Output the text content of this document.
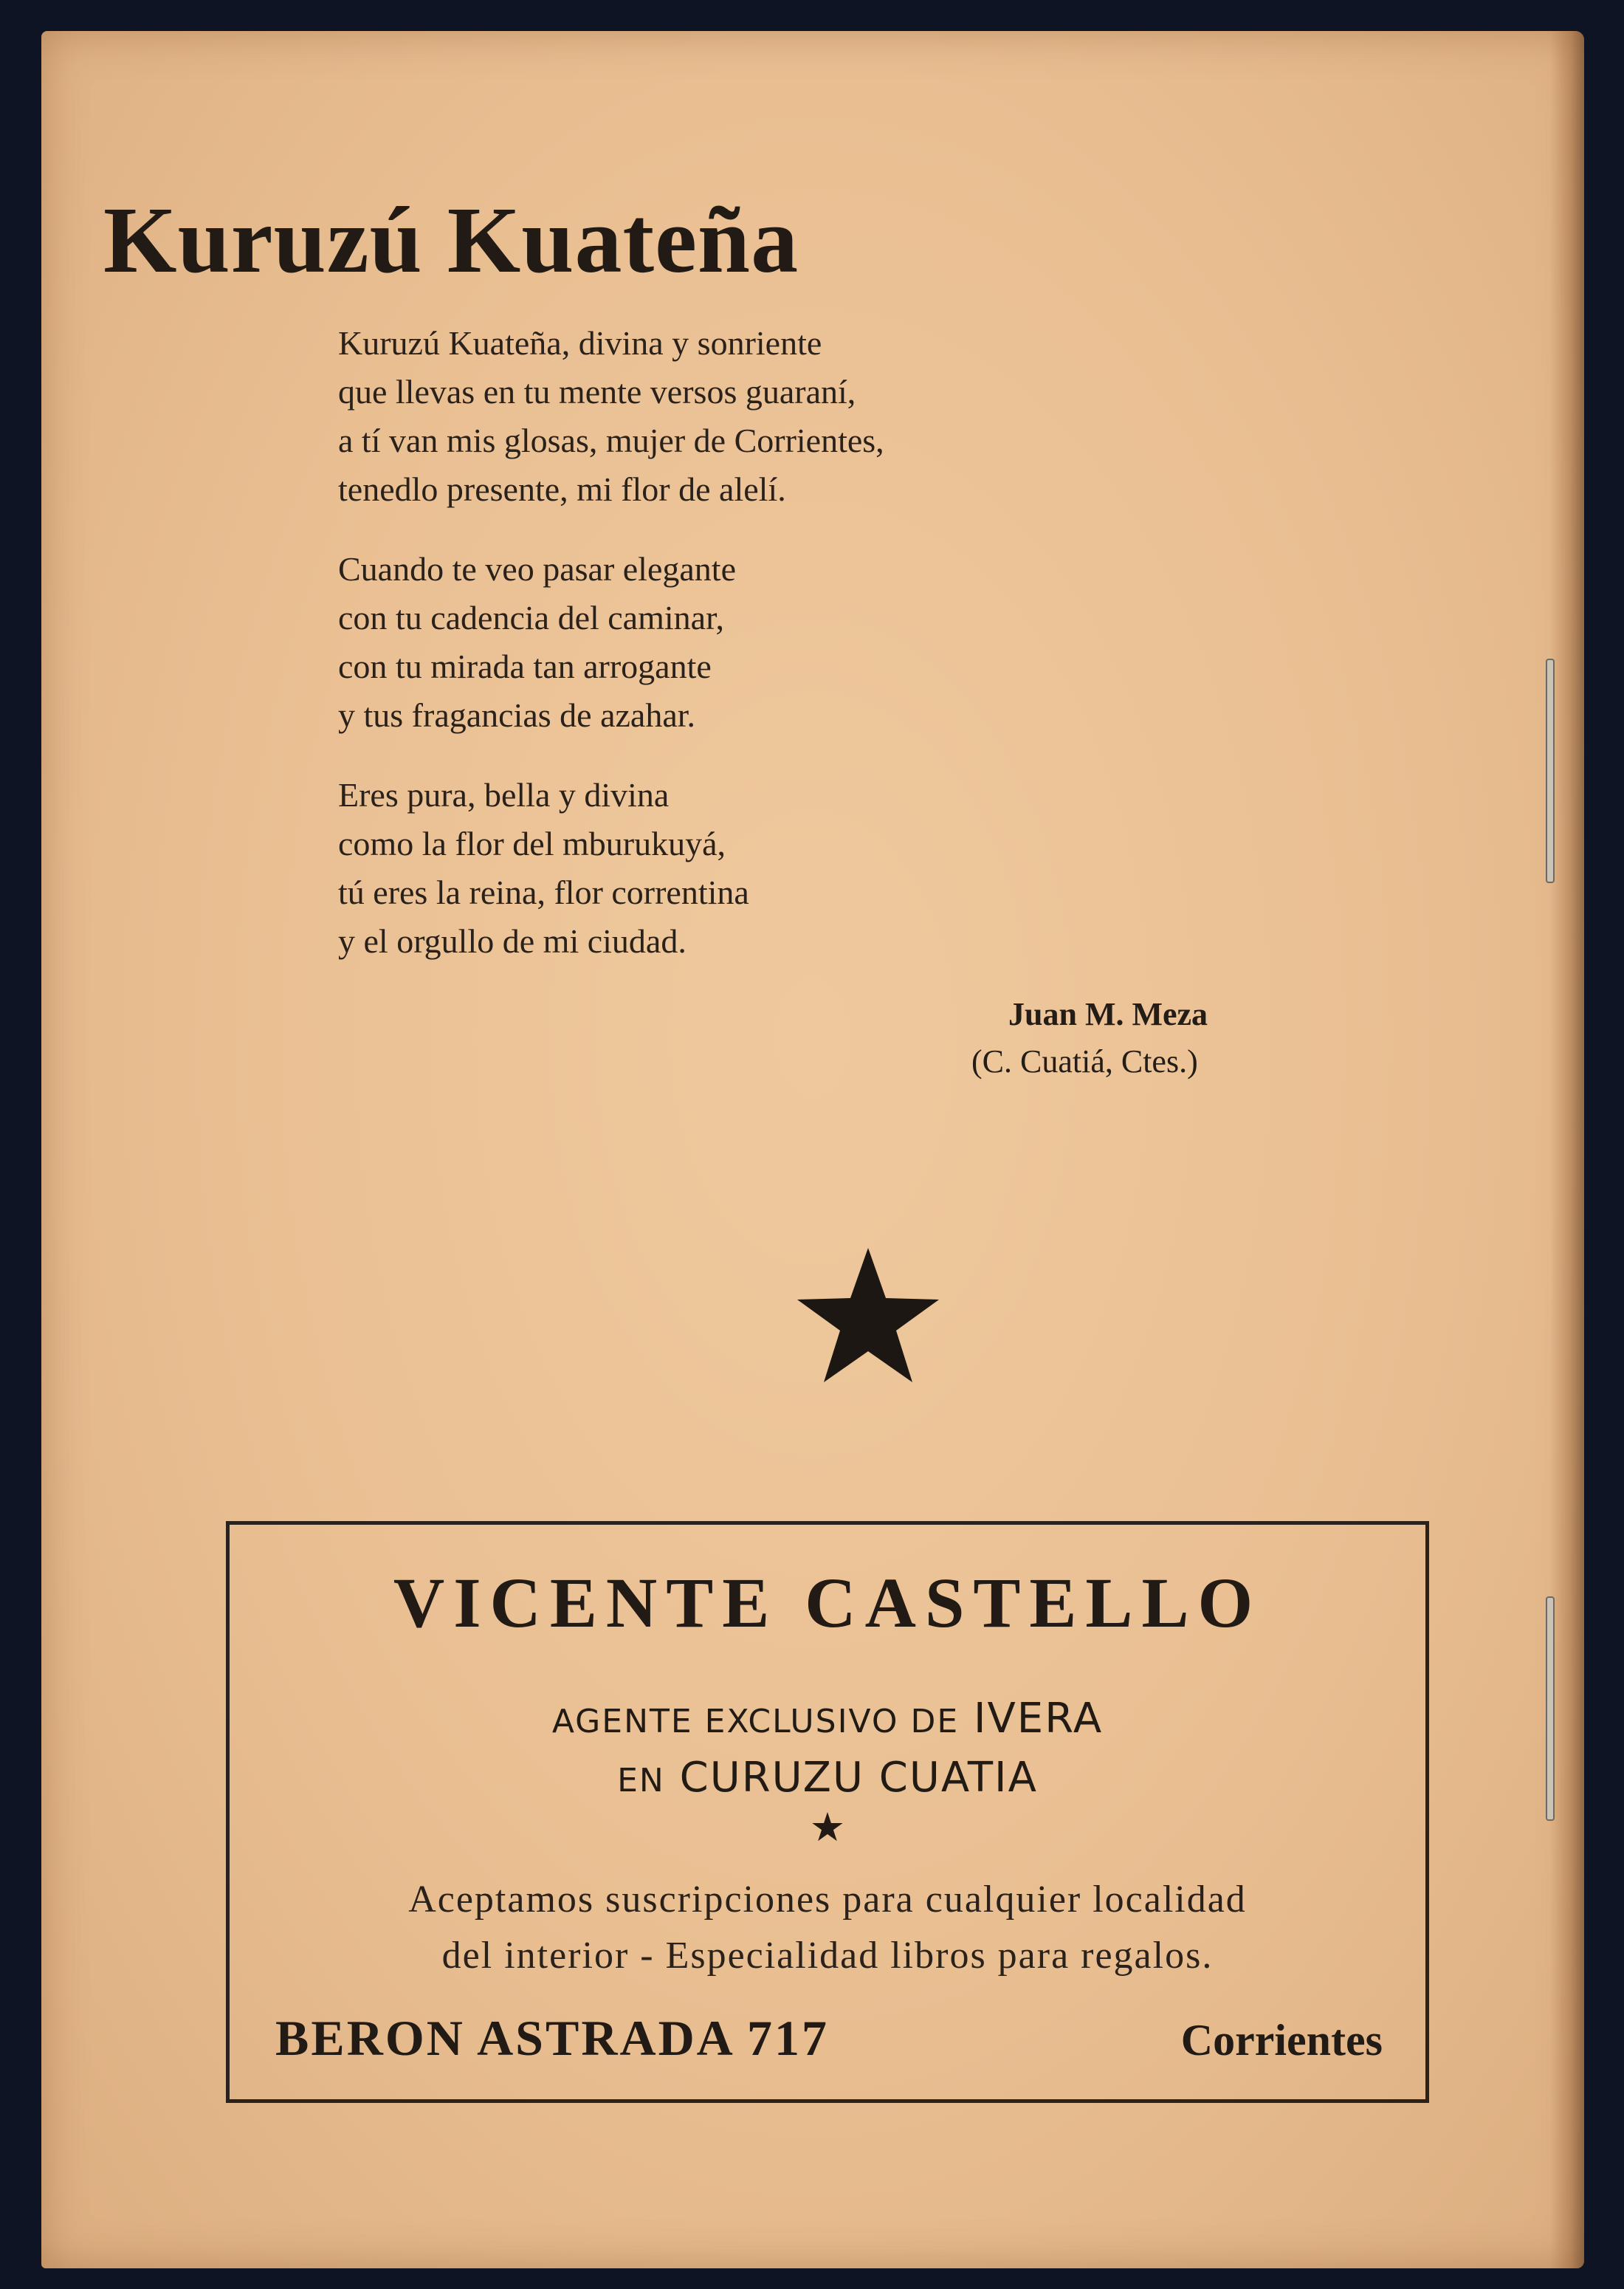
Kuruzú Kuateña
Kuruzú Kuateña, divina y sonriente
que llevas en tu mente versos guaraní,
a tí van mis glosas, mujer de Corrientes,
tenedlo presente, mi flor de alelí.
Cuando te veo pasar elegante
con tu cadencia del caminar,
con tu mirada tan arrogante
y tus fragancias de azahar.
Eres pura, bella y divina
como la flor del mburukuyá,
tú eres la reina, flor correntina
y el orgullo de mi ciudad.
Juan M. Meza
(C. Cuatiá, Ctes.)
VICENTE CASTELLO
AGENTE EXCLUSIVO DE IVERA
EN CURUZU CUATIA
★
Aceptamos suscripciones para cualquier localidad
del interior - Especialidad libros para regalos.
BERON ASTRADA 717	Corrientes
